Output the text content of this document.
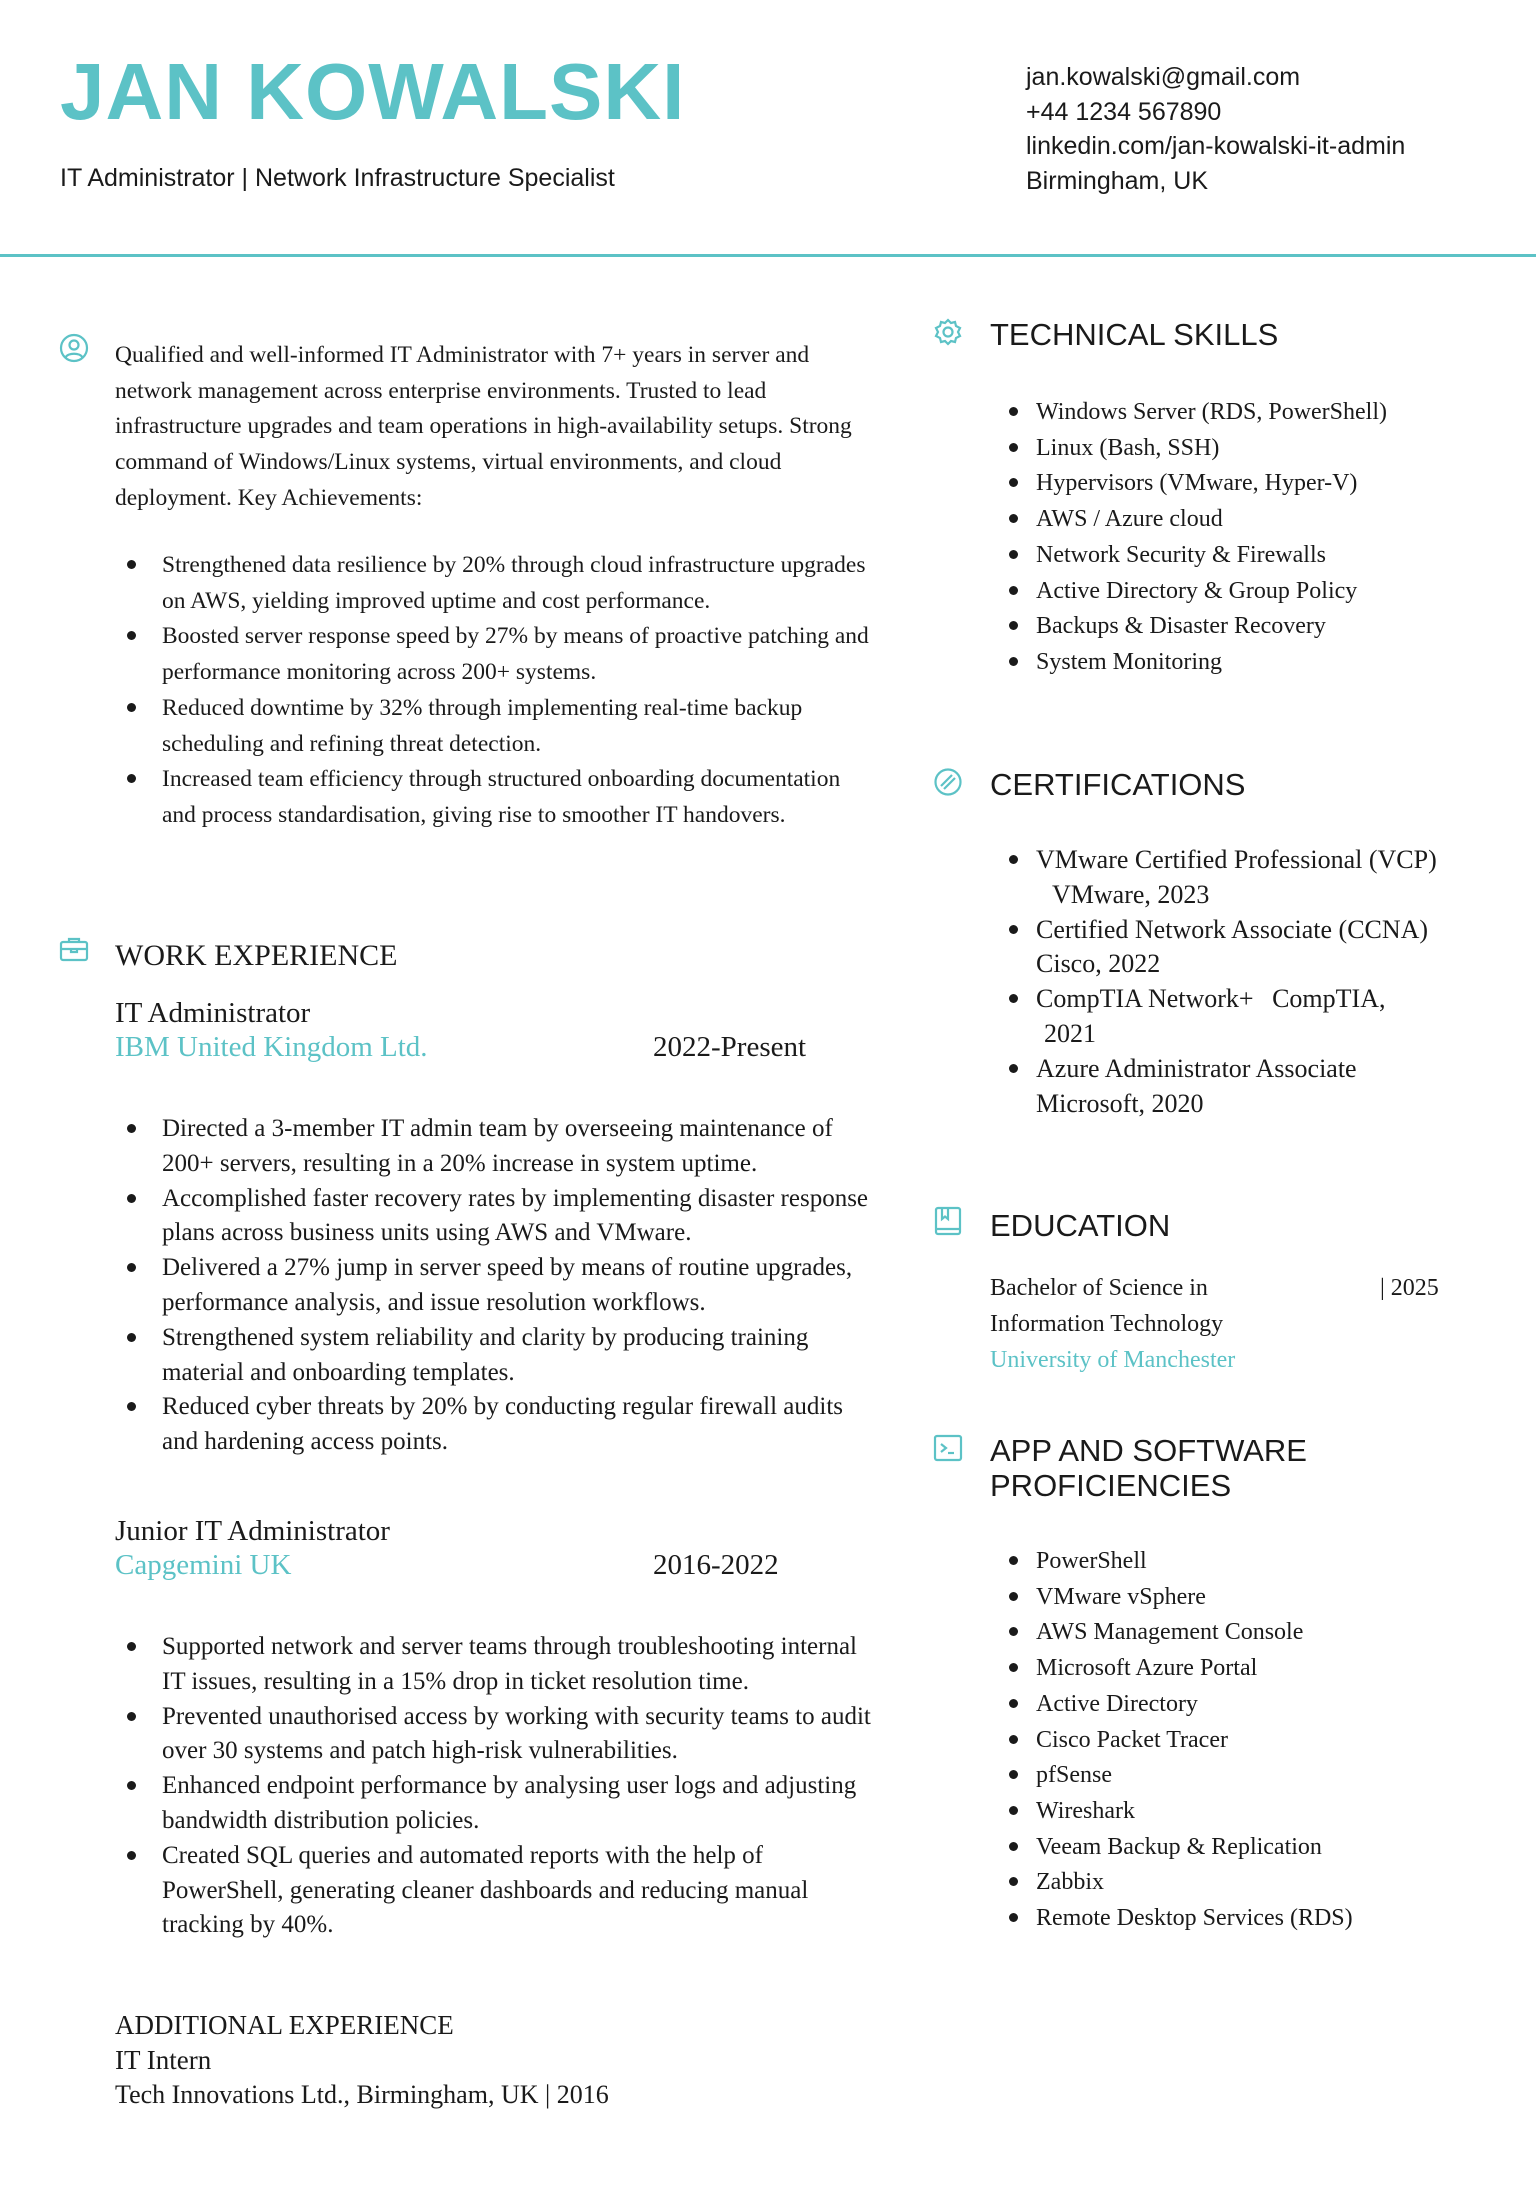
JAN KOWALSKI
IT Administrator | Network Infrastructure Specialist
jan.kowalski@gmail.com
+44 1234 567890
linkedin.com/jan-kowalski-it-admin
Birmingham, UK

Qualified and well-informed IT Administrator with 7+ years in server and network management across enterprise environments. Trusted to lead infrastructure upgrades and team operations in high-availability setups. Strong command of Windows/Linux systems, virtual environments, and cloud deployment. Key Achievements:

Strengthened data resilience by 20% through cloud infrastructure upgrades on AWS, yielding improved uptime and cost performance.
Boosted server response speed by 27% by means of proactive patching and performance monitoring across 200+ systems.
Reduced downtime by 32% through implementing real-time backup scheduling and refining threat detection.
Increased team efficiency through structured onboarding documentation and process standardisation, giving rise to smoother IT handovers.
WORK EXPERIENCE
IT Administrator
IBM United Kingdom Ltd.	2022-Present
Directed a 3-member IT admin team by overseeing maintenance of 200+ servers, resulting in a 20% increase in system uptime.
Accomplished faster recovery rates by implementing disaster response plans across business units using AWS and VMware.
Delivered a 27% jump in server speed by means of routine upgrades, performance analysis, and issue resolution workflows.
Strengthened system reliability and clarity by producing training material and onboarding templates.
Reduced cyber threats by 20% by conducting regular firewall audits and hardening access points.
Junior IT Administrator
Capgemini UK	2016-2022
Supported network and server teams through troubleshooting internal IT issues, resulting in a 15% drop in ticket resolution time.
Prevented unauthorised access by working with security teams to audit over 30 systems and patch high-risk vulnerabilities.
Enhanced endpoint performance by analysing user logs and adjusting bandwidth distribution policies.
Created SQL queries and automated reports with the help of PowerShell, generating cleaner dashboards and reducing manual tracking by 40%.
ADDITIONAL EXPERIENCE
IT Intern
Tech Innovations Ltd., Birmingham, UK | 2016
TECHNICAL SKILLS
Windows Server (RDS, PowerShell)
Linux (Bash, SSH)
Hypervisors (VMware, Hyper-V)
AWS / Azure cloud
Network Security & Firewalls
Active Directory & Group Policy
Backups & Disaster Recovery
System Monitoring
CERTIFICATIONS
VMware Certified Professional (VCP)
VMware, 2023
Certified Network Associate (CCNA)
Cisco, 2022
CompTIA Network+ CompTIA,
2021
Azure Administrator Associate
Microsoft, 2020
EDUCATION
Bachelor of Science in
Information Technology
| 2025
University of Manchester
APP AND SOFTWARE
PROFICIENCIES
PowerShell
VMware vSphere
AWS Management Console
Microsoft Azure Portal
Active Directory
Cisco Packet Tracer
pfSense
Wireshark
Veeam Backup & Replication
Zabbix
Remote Desktop Services (RDS)
